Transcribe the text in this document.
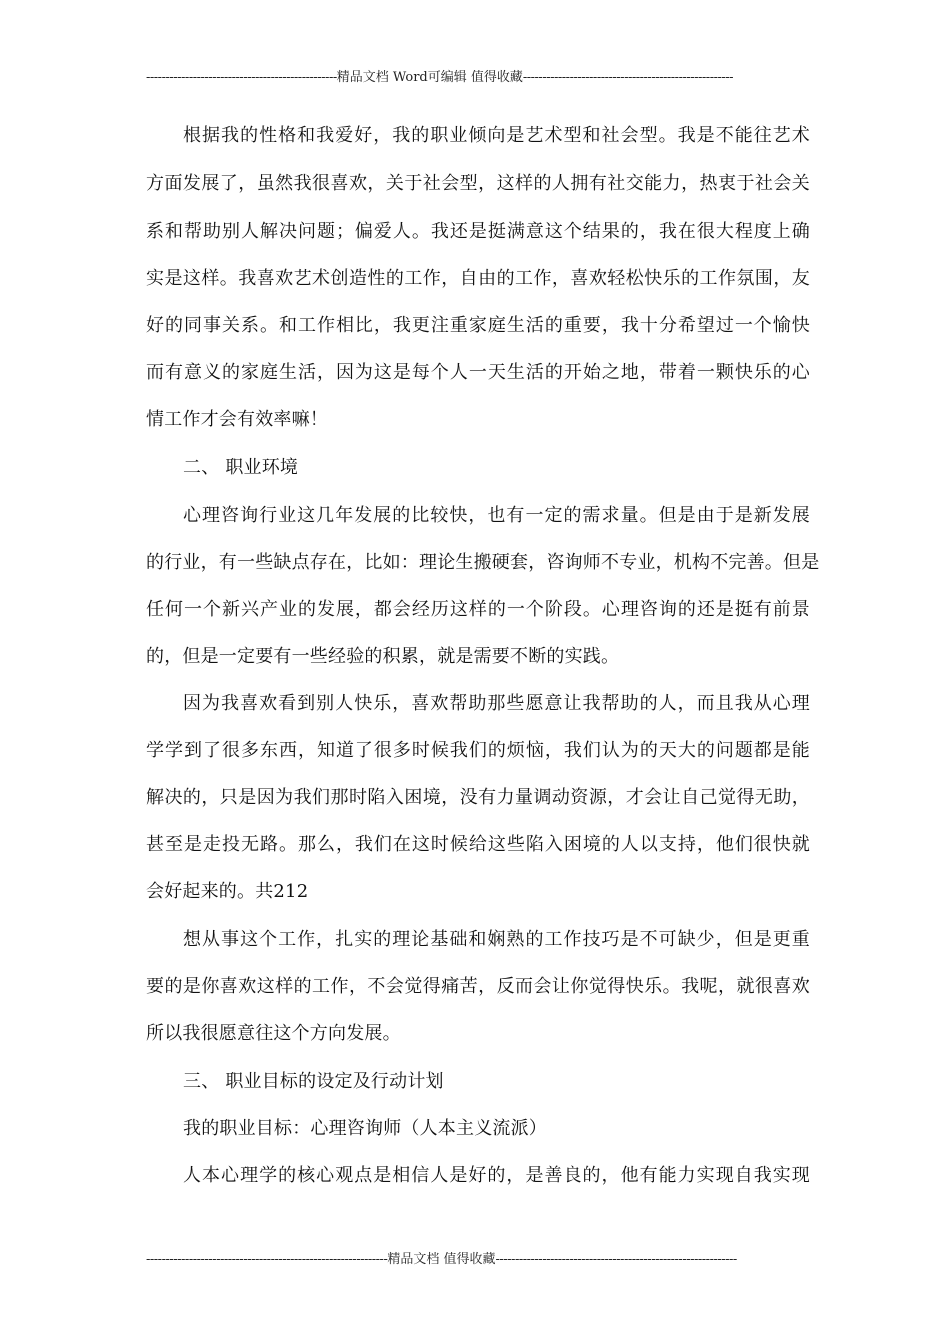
-------------------------------------------------精品文档 Word可编辑 值得收藏------------------------------------------------------
根据我的性格和我爱好，我的职业倾向是艺术型和社会型。我是不能往艺术
方面发展了，虽然我很喜欢，关于社会型，这样的人拥有社交能力，热衷于社会关
系和帮助别人解决问题；偏爱人。我还是挺满意这个结果的，我在很大程度上确
实是这样。我喜欢艺术创造性的工作，自由的工作，喜欢轻松快乐的工作氛围，友
好的同事关系。和工作相比，我更注重家庭生活的重要，我十分希望过一个愉快
而有意义的家庭生活，因为这是每个人一天生活的开始之地，带着一颗快乐的心
情工作才会有效率嘛！
二、 职业环境
心理咨询行业这几年发展的比较快，也有一定的需求量。但是由于是新发展
的行业，有一些缺点存在，比如：理论生搬硬套，咨询师不专业，机构不完善。但是
任何一个新兴产业的发展，都会经历这样的一个阶段。心理咨询的还是挺有前景
的，但是一定要有一些经验的积累，就是需要不断的实践。
因为我喜欢看到别人快乐，喜欢帮助那些愿意让我帮助的人，而且我从心理
学学到了很多东西，知道了很多时候我们的烦恼，我们认为的天大的问题都是能
解决的，只是因为我们那时陷入困境，没有力量调动资源，才会让自己觉得无助，
甚至是走投无路。那么，我们在这时候给这些陷入困境的人以支持，他们很快就
会好起来的。共212
想从事这个工作，扎实的理论基础和娴熟的工作技巧是不可缺少，但是更重
要的是你喜欢这样的工作，不会觉得痛苦，反而会让你觉得快乐。我呢，就很喜欢
所以我很愿意往这个方向发展。
三、 职业目标的设定及行动计划
我的职业目标：心理咨询师（人本主义流派）
人本心理学的核心观点是相信人是好的，是善良的，他有能力实现自我实现
--------------------------------------------------------------精品文档 值得收藏--------------------------------------------------------------
